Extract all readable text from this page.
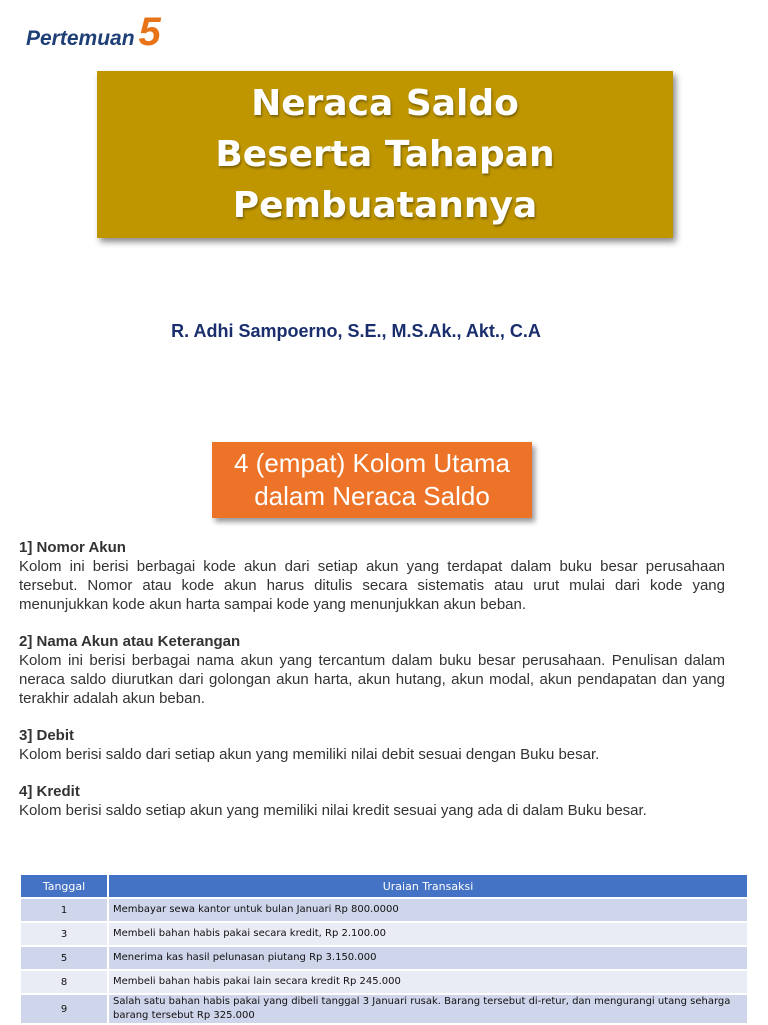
Pertemuan 5
Neraca Saldo
Beserta Tahapan
Pembuatannya
R. Adhi Sampoerno, S.E., M.S.Ak., Akt., C.A
4 (empat) Kolom Utama
dalam Neraca Saldo
1] Nomor Akun

Kolom ini berisi berbagai kode akun dari setiap akun yang terdapat dalam buku besar perusahaan tersebut. Nomor atau kode akun harus ditulis secara sistematis atau urut mulai dari kode yang menunjukkan kode akun harta sampai kode yang menunjukkan akun beban.

2] Nama Akun atau Keterangan

Kolom ini berisi berbagai nama akun yang tercantum dalam buku besar perusahaan. Penulisan dalam neraca saldo diurutkan dari golongan akun harta, akun hutang, akun modal, akun pendapatan dan yang terakhir adalah akun beban.

3] Debit

Kolom berisi saldo dari setiap akun yang memiliki nilai debit sesuai dengan Buku besar.

4] Kredit

Kolom berisi saldo setiap akun yang memiliki nilai kredit sesuai yang ada di dalam Buku besar.

Tanggal	Uraian Transaksi
1	Membayar sewa kantor untuk bulan Januari Rp 800.0000
3	Membeli bahan habis pakai secara kredit, Rp 2.100.00
5	Menerima kas hasil pelunasan piutang Rp 3.150.000
8	Membeli bahan habis pakai lain secara kredit Rp 245.000
9	Salah satu bahan habis pakai yang dibeli tanggal 3 Januari rusak. Barang tersebut di-retur, dan mengurangi utang seharga barang tersebut Rp 325.000
